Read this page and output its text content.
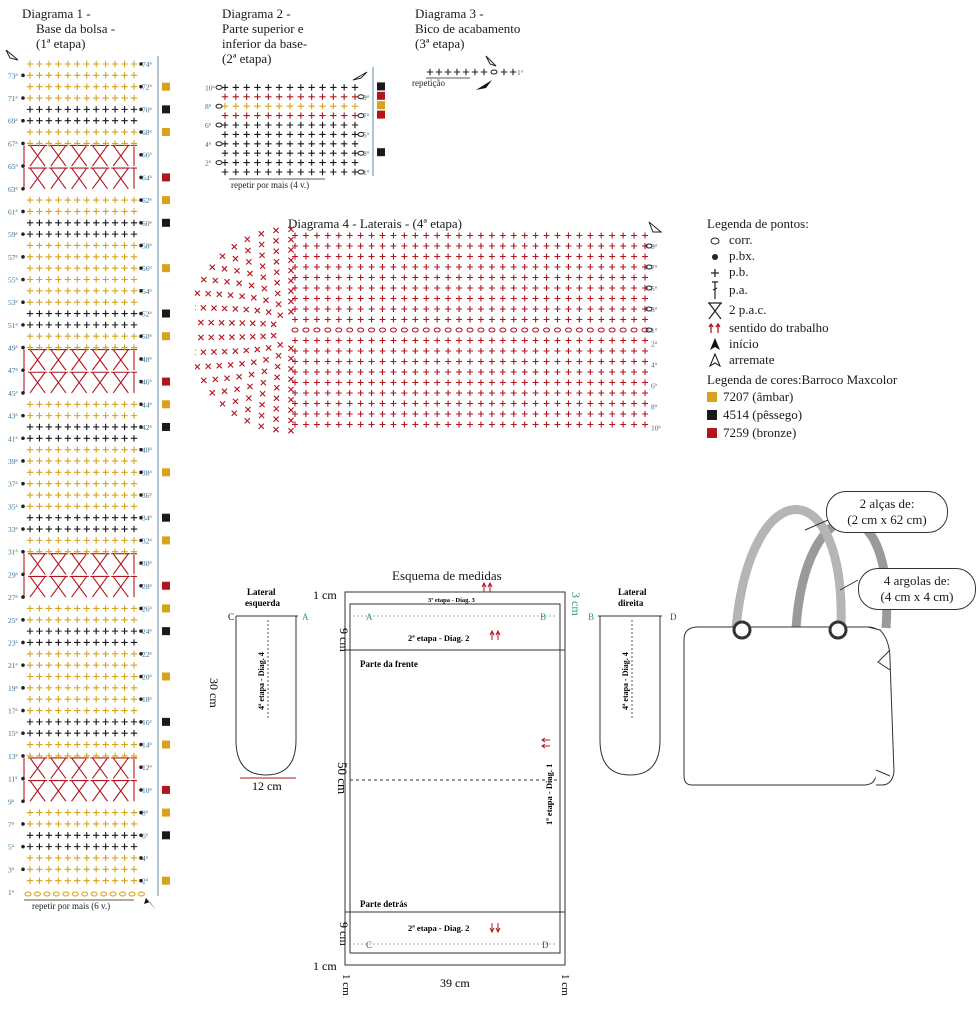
Diagrama 1 -
Base da bolsa -
(1ª etapa)
1ª
2ª
3ª
4ª
5ª
6ª
7ª
8ª
9ª
10ª
11ª
12ª
13ª
14ª
15ª
16ª
17ª
18ª
19ª
20ª
21ª
22ª
23ª
24ª
25ª
26ª
27ª
28ª
29ª
30ª
31ª
32ª
33ª
34ª
35ª
36ª
37ª
38ª
39ª
40ª
41ª
42ª
43ª
44ª
45ª
46ª
47ª
48ª
49ª
50ª
51ª
52ª
53ª
54ª
55ª
56ª
57ª
58ª
59ª
60ª
61ª
62ª
63ª
64ª
65ª
66ª
67ª
68ª
69ª
70ª
71ª
72ª
73ª
74ª
repetir por mais (6 v.)
Diagrama 2 -
Parte superior e
inferior da base-
(2ª etapa)
1ª
2ª
3ª
4ª
5ª
6ª
7ª
8ª
9ª
10ª
repetir por mais (4 v.)
Diagrama 3 -
Bico de acabamento
(3ª etapa)
1ª
repetição
Diagrama 4 - Laterais - (4ª etapa)
9ª
7ª
5ª
3ª
1ª
2ª
4ª
6ª
8ª
10ª
Legenda de pontos:
corr.
p.bx.
p.b.
p.a.
2 p.a.c.
sentido do trabalho
início
arremate
Legenda de cores:Barroco Maxcolor
7207 (âmbar)
4514 (pêssego)
7259 (bronze)
Esquema de medidas
3ª etapa - Diag. 3
2ª etapa - Diag. 2
2ª etapa - Diag. 2
Parte da frente
Parte detrás
1ª etapa - Diag. 1
A	B
C	D
1 cm
9 cm
50 cm
9 cm
1 cm
3 cm
39 cm
1 cm	1 cm
Lateral
esquerda
C	A
4ª etapa - Diag. 4
30 cm
12 cm
Lateral
direita
B	D
4ª etapa - Diag. 4
2 alças de:
(2 cm x 62 cm)
4 argolas de:
(4 cm x 4 cm)
